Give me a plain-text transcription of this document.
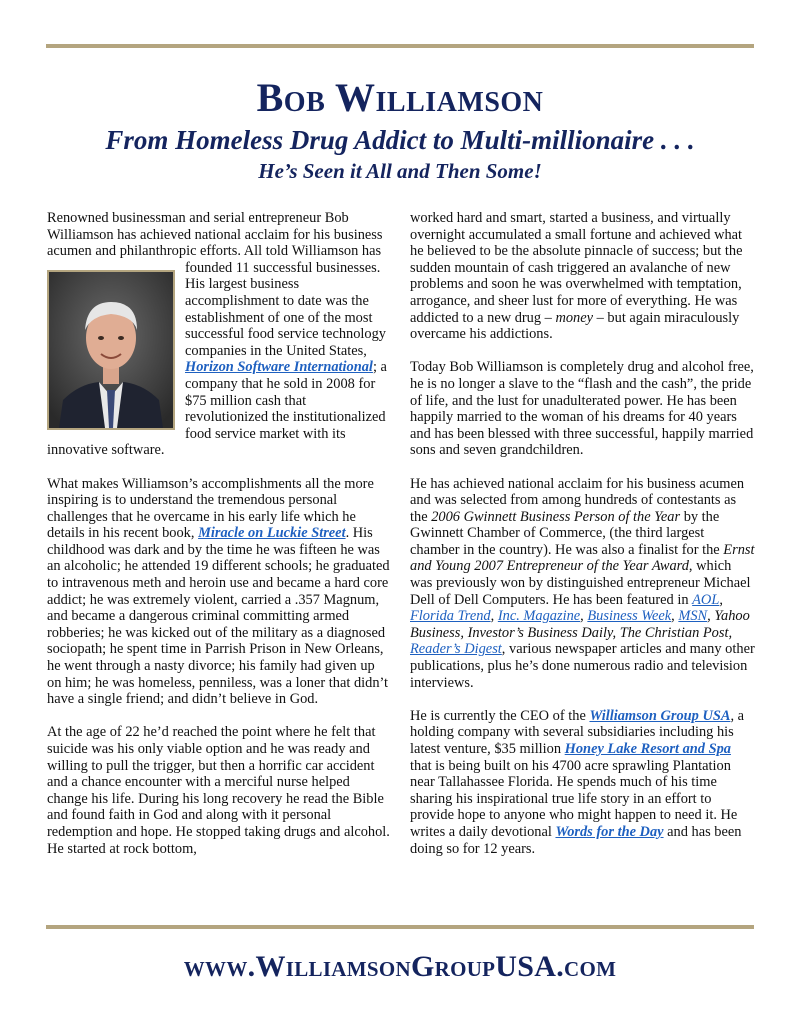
Bob Williamson
From Homeless Drug Addict to Multi-millionaire . . .
He’s Seen it All and Then Some!

Renowned businessman and serial entrepreneur Bob Williamson has achieved national acclaim for his business acumen and philanthropic efforts. All told
Williamson has founded 11 successful businesses. His largest business accomplishment to date was the establishment of one of the most successful food service technology companies in the United States, Horizon Software International; a company that he sold in 2008 for $75 million cash that revolutionized the institutionalized food service market with its innovative software.

What makes Williamson’s accomplishments all the more inspiring is to understand the tremendous personal challenges that he overcame in his early life which he details in his recent book, Miracle on Luckie Street. His childhood was dark and by the time he was fifteen he was an alcoholic; he attended 19 different schools; he graduated to intravenous meth and heroin use and became a hard core addict; he was extremely violent, carried a .357 Magnum, and became a dangerous criminal committing armed robberies; he was kicked out of the military as a diagnosed sociopath; he spent time in Parrish Prison in New Orleans, he went through a nasty divorce; his family had given up on him; he was homeless, penniless, was a loner that didn’t have a single friend; and didn’t believe in God.

At the age of 22 he’d reached the point where he felt that suicide was his only viable option and he was ready and willing to pull the trigger, but then a horrific car accident and a chance encounter with a merciful nurse helped change his life. During his long recovery he read the Bible and found faith in God and along with it personal redemption and hope. He stopped taking drugs and alcohol. He started at rock bottom,

worked hard and smart, started a business, and virtually overnight accumulated a small fortune and achieved what he believed to be the absolute pinnacle of success; but the sudden mountain of cash triggered an avalanche of new problems and soon he was overwhelmed with temptation, arrogance, and sheer lust for more of everything. He was addicted to a new drug – money – but again miraculously overcame his addictions.

Today Bob Williamson is completely drug and alcohol free, he is no longer a slave to the “flash and the cash”, the pride of life, and the lust for unadulterated power. He has been happily married to the woman of his dreams for 40 years and has been blessed with three successful, happily married sons and seven grandchildren.

He has achieved national acclaim for his business acumen and was selected from among hundreds of contestants as the 2006 Gwinnett Business Person of the Year by the Gwinnett Chamber of Commerce, (the third largest chamber in the country). He was also a finalist for the Ernst and Young 2007 Entrepreneur of the Year Award, which was previously won by distinguished entrepreneur Michael Dell of Dell Computers. He has been featured in AOL, Florida Trend, Inc. Magazine, Business Week, MSN, Yahoo Business, Investor’s Business Daily, The Christian Post, Reader’s Digest, various newspaper articles and many other publications, plus he’s done numerous radio and television interviews.

He is currently the CEO of the Williamson Group USA, a holding company with several subsidiaries including his latest venture, $35 million Honey Lake Resort and Spa that is being built on his 4700 acre sprawling Plantation near Tallahassee Florida. He spends much of his time sharing his inspirational true life story in an effort to provide hope to anyone who might happen to need it. He writes a daily devotional Words for the Day and has been doing so for 12 years.

www.WilliamsonGroupUSA.com
